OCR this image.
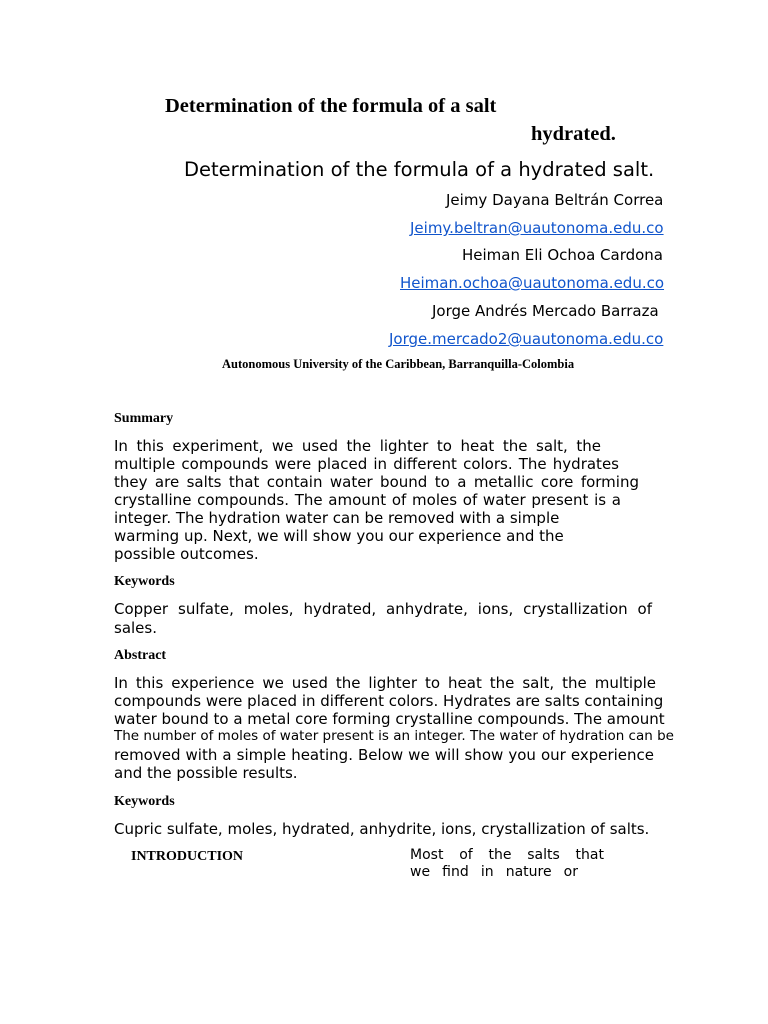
Determination of the formula of a salt
hydrated.
Determination of the formula of a hydrated salt.
Jeimy Dayana Beltrán Correa
Jeimy.beltran@uautonoma.edu.co
Heiman Eli Ochoa Cardona
Heiman.ochoa@uautonoma.edu.co
Jorge Andrés Mercado Barraza
Jorge.mercado2@uautonoma.edu.co
Autonomous University of the Caribbean, Barranquilla-Colombia
Summary
In this experiment, we used the lighter to heat the salt, the
multiple compounds were placed in different colors. The hydrates
they are salts that contain water bound to a metallic core forming
crystalline compounds. The amount of moles of water present is a
integer. The hydration water can be removed with a simple
warming up. Next, we will show you our experience and the
possible outcomes.
Keywords
Copper sulfate, moles, hydrated, anhydrate, ions, crystallization of
sales.
Abstract
In this experience we used the lighter to heat the salt, the multiple
compounds were placed in different colors. Hydrates are salts containing
water bound to a metal core forming crystalline compounds. The amount
The number of moles of water present is an integer. The water of hydration can be
removed with a simple heating. Below we will show you our experience
and the possible results.
Keywords
Cupric sulfate, moles, hydrated, anhydrite, ions, crystallization of salts.
INTRODUCTION	Most of the salts that
we find in nature or
